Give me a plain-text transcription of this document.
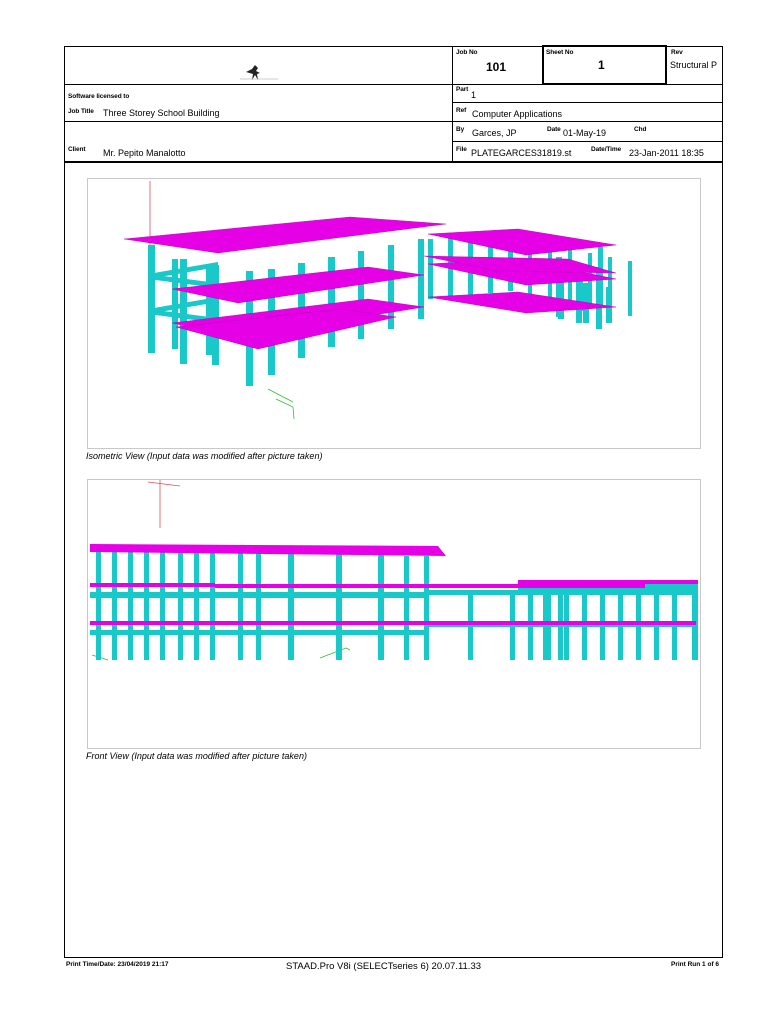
Software licensed to
Job No
101
Sheet No
1
Rev
Structural P
Part
1
Job Title Three Storey School Building	Ref Computer Applications
By Garces, JP	Date 01-May-19	Chd
Client Mr. Pepito Manalotto	File PLATEGARCES31819.st	Date/Time 23-Jan-2011 18:35
Isometric View (Input data was modified after picture taken)
Front View (Input data was modified after picture taken)
Print Time/Date: 23/04/2019 21:17	STAAD.Pro V8i (SELECTseries 6) 20.07.11.33	Print Run 1 of 6
